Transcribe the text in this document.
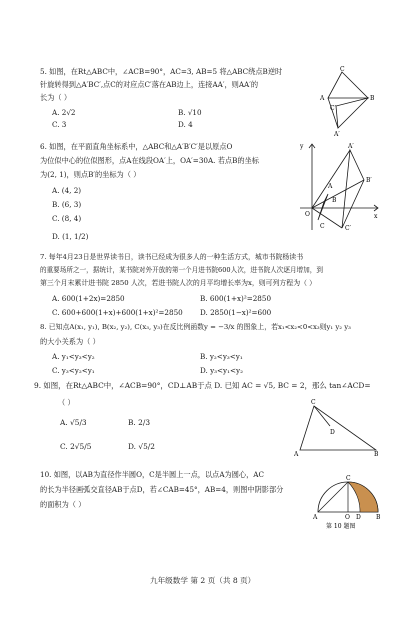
5. 如图，在Rt△ABC中，∠ACB=90°，AC=3, AB=5 将△ABC绕点B逆时
针旋转得到△A′BC′,点C的对应点C′落在AB边上，连接AA′，则AA′的
长为（ ）
A. 2√2	B. √10
C. 3	D. 4
C
C′
A	B
A′
6. 如图，在平面直角坐标系中，△ABC和△A′B′C′是以原点O
为位似中心的位似图形，点A在线段OA′上，OA′=30A. 若点B的坐标
为(2, 1)，则点B′的坐标为（ ）
A. (4, 2)
B. (6, 3)
C. (8, 4)
D. (1, 1/2)
y	A′
B′
A
C′
B
O
C
x
7. 每年4月23日是世界读书日，读书已经成为很多人的一种生活方式，城市书院杨读书
的重要场所之一，据统计，某书院对外开放的第一个月进书院600人次，进书院人次逐月增加，到
第三个月末累计进书院 2850 人次，若进书院人次的月平均增长率为x，则可列方程为（ ）
A. 600(1+2x)=2850	B. 600(1+x)²=2850
C. 600+600(1+x)+600(1+x)²=2850 D. 2850(1−x)²=600
8. 已知点A(x₁, y₁), B(x₂, y₂), C(x₃, y₃)在反比例函数y = −3/x 的图象上，若x₁<x₂<0<x₃则y₁ y₂ y₃
的大小关系为（ ）
A. y₁<y₃<y₂	B. y₂<y₃<y₁
C. y₃<y₂<y₁	D. y₃<y₁<y₂
9. 如图，在Rt△ABC中，∠ACB=90°，CD⊥AB于点 D. 已知 AC = √5, BC = 2，那么 tan∠ACD=
（ ）
A. √5/3	B. 2/3
C. 2√5/5	D. √5/2
C
A
D
B
10. 如图，以AB为直径作半圆O，C是半圆上一点，以点A为圆心，AC
的长为半径画弧交直径AB于点D，若∠CAB=45°，AB=4，则图中阴影部分
的面积为（ ）
C
A	D
O	B
第 10 题图
九年级数学 第 2 页（共 8 页）
